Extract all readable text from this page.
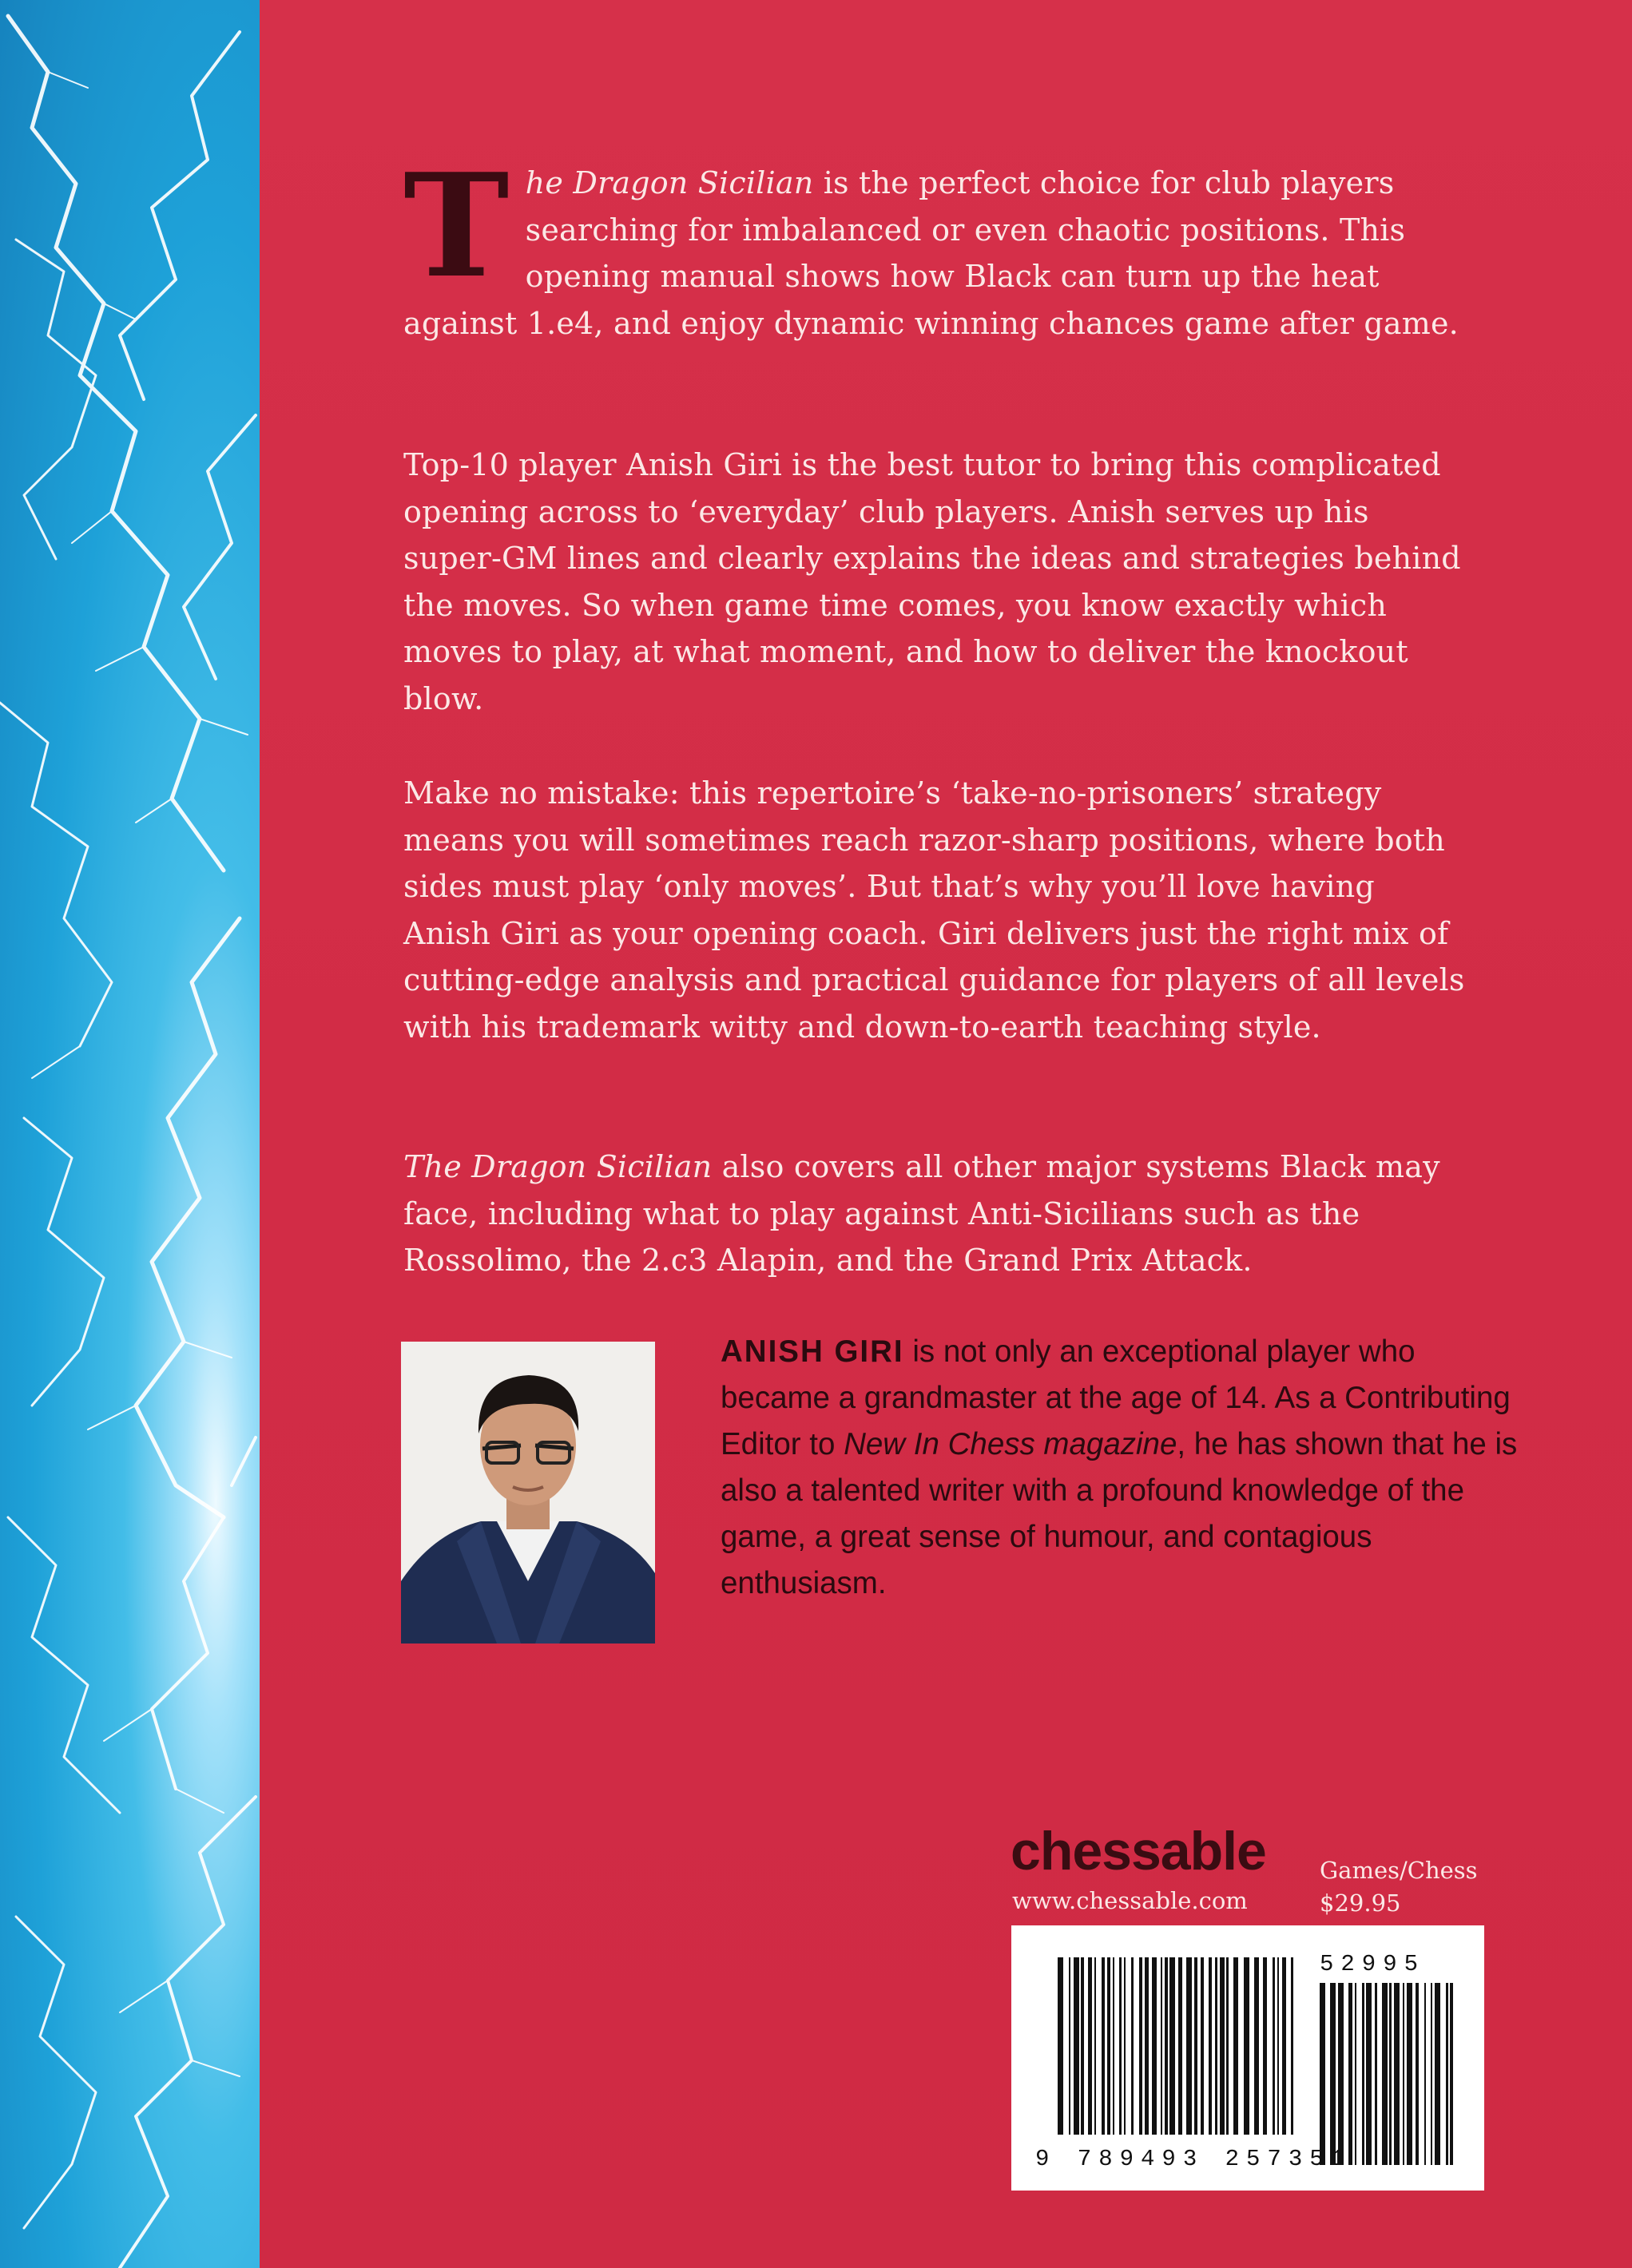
The Dragon Sicilian is the perfect choice for club players searching for imbalanced or even chaotic positions. This opening manual shows how Black can turn up the heat against 1.e4, and enjoy dynamic winning chances game after game.

Top-10 player Anish Giri is the best tutor to bring this complicated opening across to ‘everyday’ club players. Anish serves up his super-GM lines and clearly explains the ideas and strategies behind the moves. So when game time comes, you know exactly which moves to play, at what moment, and how to deliver the knockout blow.

Make no mistake: this repertoire’s ‘take-no-prisoners’ strategy means you will sometimes reach razor-sharp positions, where both sides must play ‘only moves’. But that’s why you’ll love having Anish Giri as your opening coach. Giri delivers just the right mix of cutting-edge analysis and practical guidance for players of all levels with his trademark witty and down-to-earth teaching style.

The Dragon Sicilian also covers all other major systems Black may face, including what to play against Anti-Sicilians such as the Rossolimo, the 2.c3 Alapin, and the Grand Prix Attack.

ANISH GIRI is not only an exceptional player who became a grandmaster at the age of 14. As a Contributing Editor to New In Chess magazine, he has shown that he is also a talented writer with a profound knowledge of the game, a great sense of humour, and contagious enthusiasm.

chessable
www.chessable.com
Games/Chess
$29.95
9 789493 257351
52995
